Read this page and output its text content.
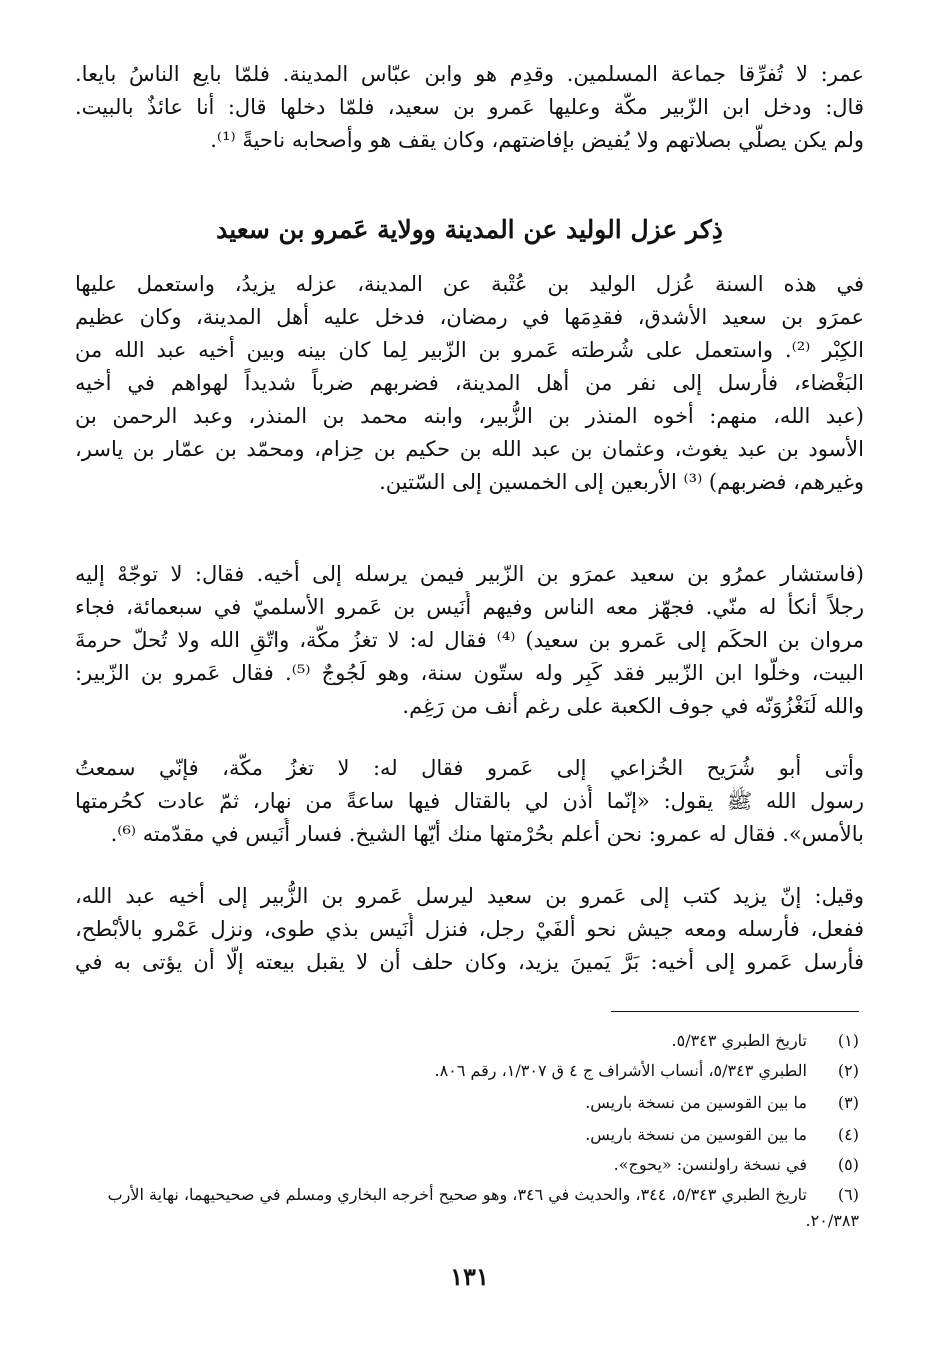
عمر: لا تُفرِّقا جماعة المسلمين. وقدِم هو وابن عبّاس المدينة. فلمّا بايع الناسُ بايعا.
قال: ودخل ابن الزّبير مكّة وعليها عَمرو بن سعيد، فلمّا دخلها قال: أنا عائذٌ بالبيت.
ولم يكن يصلّي بصلاتهم ولا يُفيض بإفاضتهم، وكان يقف هو وأصحابه ناحيةً ⁽¹⁾.
ذِكر عزل الوليد عن المدينة وولاية عَمرو بن سعيد
في هذه السنة عُزل الوليد بن عُتْبة عن المدينة، عزله يزيدُ، واستعمل عليها
عمرَو بن سعيد الأشدق، فقدِمَها في رمضان، فدخل عليه أهل المدينة، وكان عظيم
الكِبْر ⁽²⁾. واستعمل على شُرطته عَمرو بن الزّبير لِما كان بينه وبين أخيه عبد الله من
البَغْضاء، فأرسل إلى نفر من أهل المدينة، فضربهم ضرباً شديداً لهواهم في أخيه
(عبد الله، منهم: أخوه المنذر بن الزُّبير، وابنه محمد بن المنذر، وعبد الرحمن بن
الأسود بن عبد يغوث، وعثمان بن عبد الله بن حكيم بن حِزام، ومحمّد بن عمّار بن ياسر،
وغيرهم، فضربهم) ⁽³⁾ الأربعين إلى الخمسين إلى السّتين.
(فاستشار عمرُو بن سعيد عمرَو بن الزّبير فيمن يرسله إلى أخيه. فقال: لا توجّهْ إليه
رجلاً أنكأ له منّي. فجهّز معه الناس وفيهم أُنَيس بن عَمرو الأسلميّ في سبعمائة، فجاء
مروان بن الحكَم إلى عَمرو بن سعيد) ⁽⁴⁾ فقال له: لا تغزُ مكّة، واتّقِ الله ولا تُحلّ حرمةَ
البيت، وخلّوا ابن الزّبير فقد كَبِر وله ستّون سنة، وهو لَجُوجٌ ⁽⁵⁾. فقال عَمرو بن الزّبير:
والله لَنَغْزُوَنّه في جوف الكعبة على رغم أنف من رَغِم.
وأتى أبو شُرَيح الخُزاعي إلى عَمرو فقال له: لا تغزُ مكّة، فإنّي سمعتُ
رسول الله ﷺ يقول: «إنّما أُذن لي بالقتال فيها ساعةً من نهار، ثمّ عادت كحُرمتها
بالأمس». فقال له عمرو: نحن أعلم بحُرْمتها منك أيّها الشيخ. فسار أُنَيس في مقدّمته ⁽⁶⁾.
وقيل: إنّ يزيد كتب إلى عَمرو بن سعيد ليرسل عَمرو بن الزُّبير إلى أخيه عبد الله،
ففعل، فأرسله ومعه جيش نحو ألفَيْ رجل، فنزل أُنَيس بذي طوى، ونزل عَمْرو بالأبْطح،
فأرسل عَمرو إلى أخيه: بَرَّ يَمينَ يزيد، وكان حلف أن لا يقبل بيعته إلّا أن يؤتى به في
(١)تاريخ الطبري ٥/٣٤٣.
(٢)الطبري ٥/٣٤٣، أنساب الأشراف ج ٤ ق ١/٣٠٧، رقم ٨٠٦.
(٣)ما بين القوسين من نسخة باريس.
(٤)ما بين القوسين من نسخة باريس.
(٥)في نسخة راولنسن: «يحوج».
(٦)تاريخ الطبري ٥/٣٤٣، ٣٤٤، والحديث في ٣٤٦، وهو صحيح أخرجه البخاري ومسلم في صحيحيهما، نهاية الأرب ٢٠/٣٨٣.
١٣١
